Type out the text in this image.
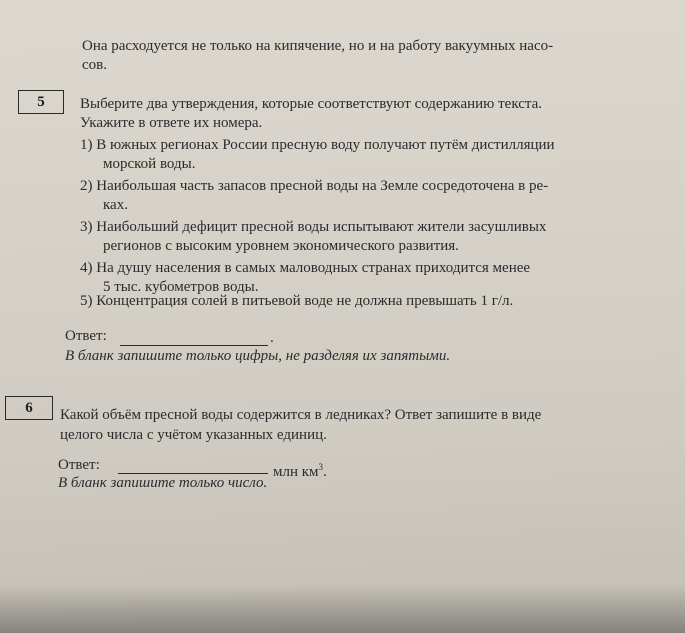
Она расходуется не только на кипячение, но и на работу вакуумных насо-
сов.
5	Выберите два утверждения, которые соответствуют содержанию текста.
Укажите в ответе их номера.
1) В южных регионах России пресную воду получают путём дистилляции
морской воды.
2) Наибольшая часть запасов пресной воды на Земле сосредоточена в ре-
ках.
3) Наибольший дефицит пресной воды испытывают жители засушливых
регионов с высоким уровнем экономического развития.
4) На душу населения в самых маловодных странах приходится менее
5 тыс. кубометров воды.
5) Концентрация солей в питьевой воде не должна превышать 1 г/л.
Ответ:	.
В бланк запишите только цифры, не разделяя их запятыми.
6	Какой объём пресной воды содержится в ледниках? Ответ запишите в виде
целого числа с учётом указанных единиц.
Ответ:	млн $км^3$.
В бланк запишите только число.
